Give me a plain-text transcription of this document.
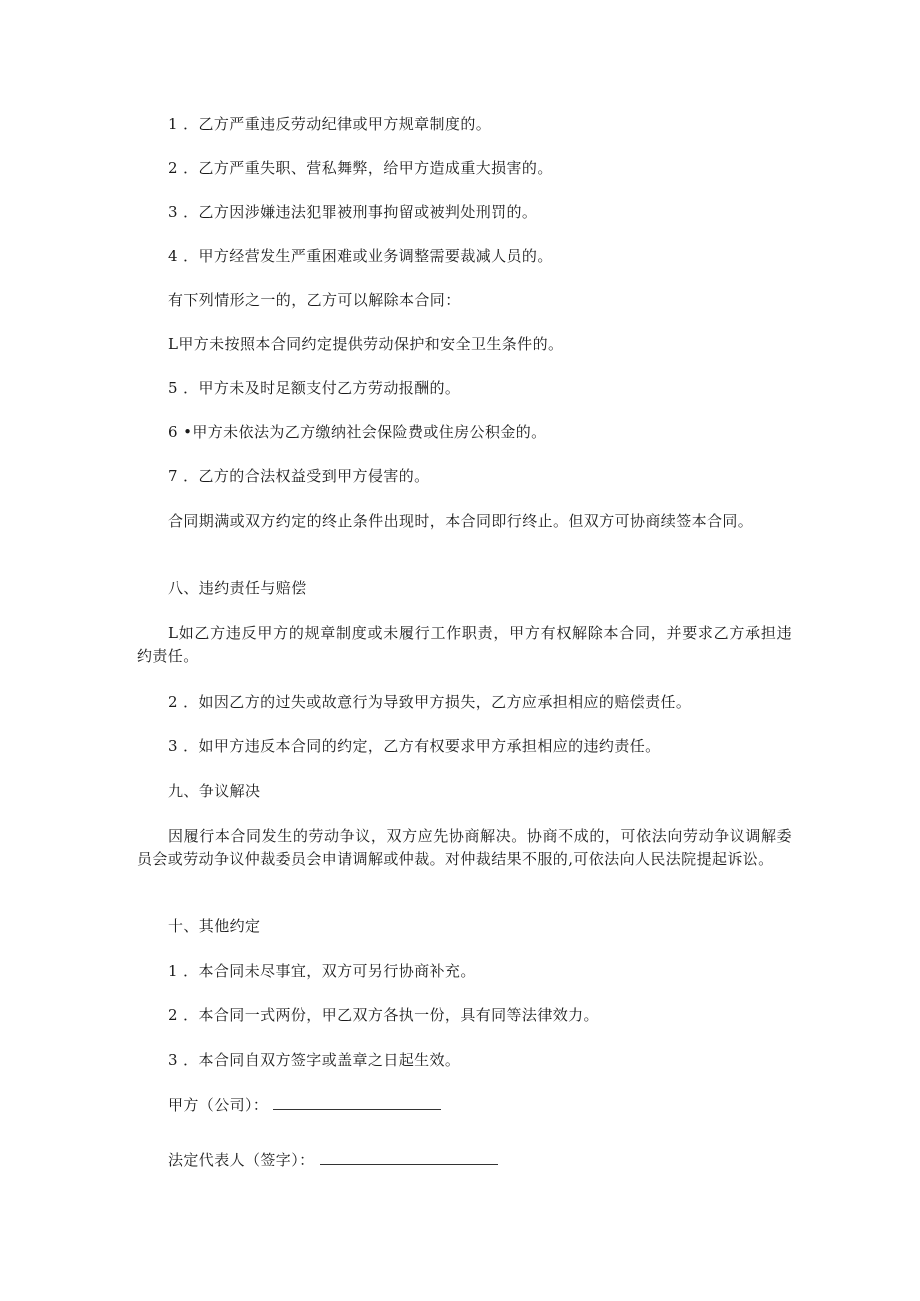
1 ．乙方严重违反劳动纪律或甲方规章制度的。
2 ．乙方严重失职、营私舞弊，给甲方造成重大损害的。
3 ．乙方因涉嫌违法犯罪被刑事拘留或被判处刑罚的。
4 ．甲方经营发生严重困难或业务调整需要裁减人员的。
有下列情形之一的，乙方可以解除本合同：
L甲方未按照本合同约定提供劳动保护和安全卫生条件的。
5 ．甲方未及时足额支付乙方劳动报酬的。
6 •甲方未依法为乙方缴纳社会保险费或住房公积金的。
7 ．乙方的合法权益受到甲方侵害的。
合同期满或双方约定的终止条件出现时，本合同即行终止。但双方可协商续签本合同。
八、违约责任与赔偿
L如乙方违反甲方的规章制度或未履行工作职责，甲方有权解除本合同，并要求乙方承担违约责任。
2 ．如因乙方的过失或故意行为导致甲方损失，乙方应承担相应的赔偿责任。
3 ．如甲方违反本合同的约定，乙方有权要求甲方承担相应的违约责任。
九、争议解决
因履行本合同发生的劳动争议，双方应先协商解决。协商不成的，可依法向劳动争议调解委员会或劳动争议仲裁委员会申请调解或仲裁。对仲裁结果不服的,可依法向人民法院提起诉讼。
十、其他约定
1 ．本合同未尽事宜，双方可另行协商补充。
2 ．本合同一式两份，甲乙双方各执一份，具有同等法律效力。
3 ．本合同自双方签字或盖章之日起生效。
甲方（公司）：
法定代表人（签字）：
